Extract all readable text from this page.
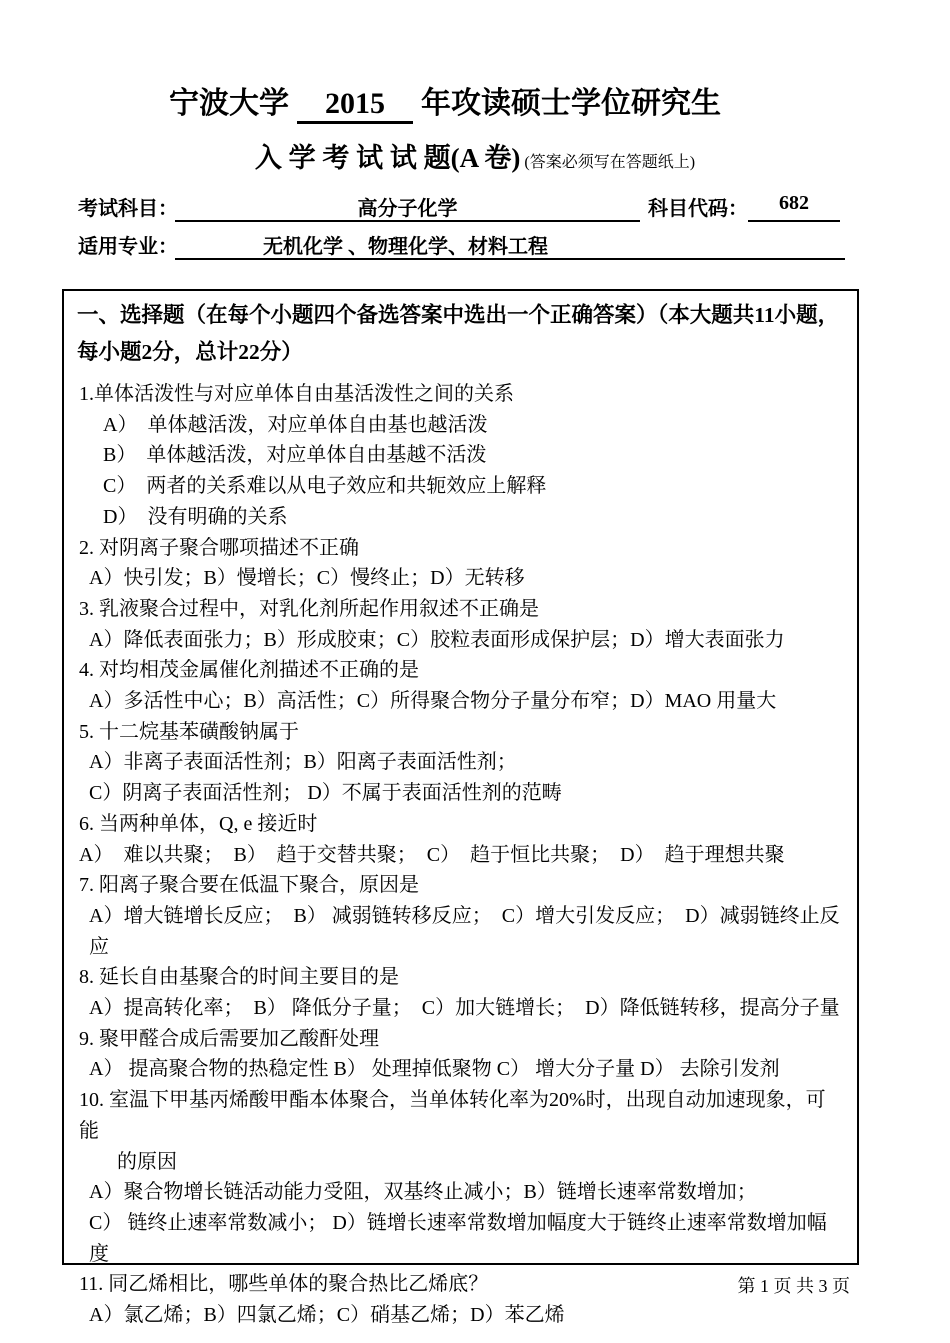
宁波大学 2015 年攻读硕士学位研究生
入 学 考 试 试 题(A 卷) (答案必须写在答题纸上)
考试科目：	高分子化学	科目代码：	682
适用专业：	无机化学 、物理化学、材料工程
一、选择题（在每个小题四个备选答案中选出一个正确答案）（本大题共11小题，
每小题2分，总计22分）
1.单体活泼性与对应单体自由基活泼性之间的关系
A）  单体越活泼，对应单体自由基也越活泼
B）  单体越活泼，对应单体自由基越不活泼
C）  两者的关系难以从电子效应和共轭效应上解释
D）  没有明确的关系
2. 对阴离子聚合哪项描述不正确
A）快引发；B）慢增长；C）慢终止；D）无转移
3. 乳液聚合过程中，对乳化剂所起作用叙述不正确是
A）降低表面张力；B）形成胶束；C）胶粒表面形成保护层；D）增大表面张力
4. 对均相茂金属催化剂描述不正确的是
A）多活性中心；B）高活性；C）所得聚合物分子量分布窄；D）MAO 用量大
5. 十二烷基苯磺酸钠属于
A）非离子表面活性剂；B）阳离子表面活性剂；
C）阴离子表面活性剂； D）不属于表面活性剂的范畴
6. 当两种单体，Q, e 接近时
A）  难以共聚；  B）  趋于交替共聚；  C）  趋于恒比共聚；  D）  趋于理想共聚
7. 阳离子聚合要在低温下聚合，原因是
A）增大链增长反应；  B） 减弱链转移反应；  C）增大引发反应；  D）减弱链终止反应
8. 延长自由基聚合的时间主要目的是
A）提高转化率；  B） 降低分子量；  C）加大链增长；  D）降低链转移，提高分子量
9. 聚甲醛合成后需要加乙酸酐处理
A） 提高聚合物的热稳定性 B） 处理掉低聚物 C） 增大分子量 D） 去除引发剂
10. 室温下甲基丙烯酸甲酯本体聚合，当单体转化率为20%时，出现自动加速现象，可能
的原因
A）聚合物增长链活动能力受阻，双基终止减小；B）链增长速率常数增加；
C） 链终止速率常数减小； D）链增长速率常数增加幅度大于链终止速率常数增加幅度
11. 同乙烯相比，哪些单体的聚合热比乙烯底？
A）氯乙烯；B）四氯乙烯；C）硝基乙烯；D）苯乙烯
第 1 页 共 3 页
